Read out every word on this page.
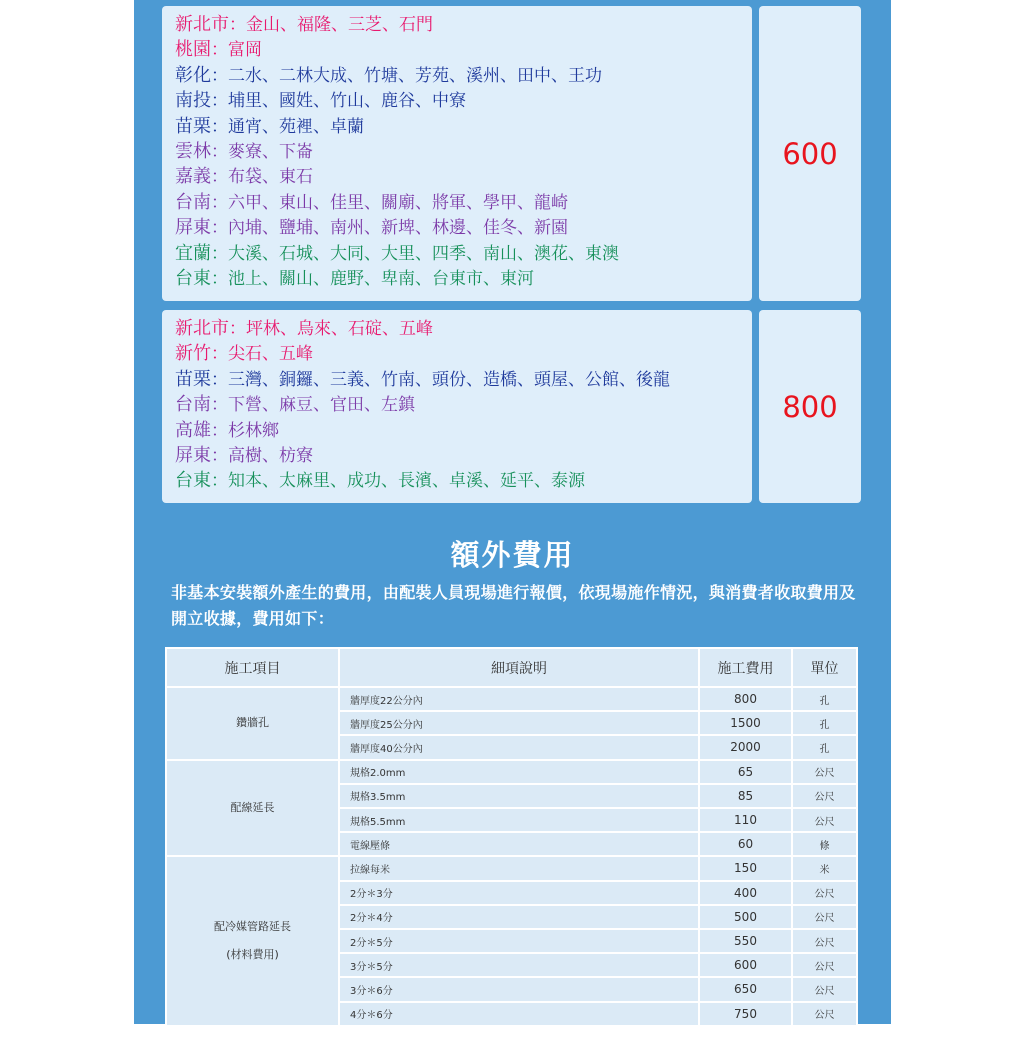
600
800
新北市：金山、福隆、三芝、石門
桃園：富岡
彰化：二水、二林大成、竹塘、芳苑、溪州、田中、王功
南投：埔里、國姓、竹山、鹿谷、中寮
苗栗：通宵、苑裡、卓蘭
雲林：麥寮、下崙
嘉義：布袋、東石
台南：六甲、東山、佳里、關廟、將軍、學甲、龍崎
屏東：內埔、鹽埔、南州、新埤、林邊、佳冬、新園
宜蘭：大溪、石城、大同、大里、四季、南山、澳花、東澳
台東：池上、關山、鹿野、卑南、台東市、東河
新北市：坪林、烏來、石碇、五峰
新竹：尖石、五峰
苗栗：三灣、銅鑼、三義、竹南、頭份、造橋、頭屋、公館、後龍
台南：下營、麻豆、官田、左鎮
高雄：杉林鄉
屏東：高樹、枋寮
台東：知本、太麻里、成功、長濱、卓溪、延平、泰源
額外費用
非基本安裝額外產生的費用，由配裝人員現場進行報價，依現場施作情況，與消費者收取費用及開立收據，費用如下：
施工項目	細項說明	施工費用	單位
鑽牆孔
牆厚度22公分內	800	孔
牆厚度25公分內	1500	孔
牆厚度40公分內	2000	孔
配線延長
規格2.0mm	65	公尺
規格3.5mm	85	公尺
規格5.5mm	110	公尺
電線壓條	60	條
配冷媒管路延長
(材料費用)
拉線每米	150	米
2分＊3分	400	公尺
2分＊4分	500	公尺
2分＊5分	550	公尺
3分＊5分	600	公尺
3分＊6分	650	公尺
4分＊6分	750	公尺
